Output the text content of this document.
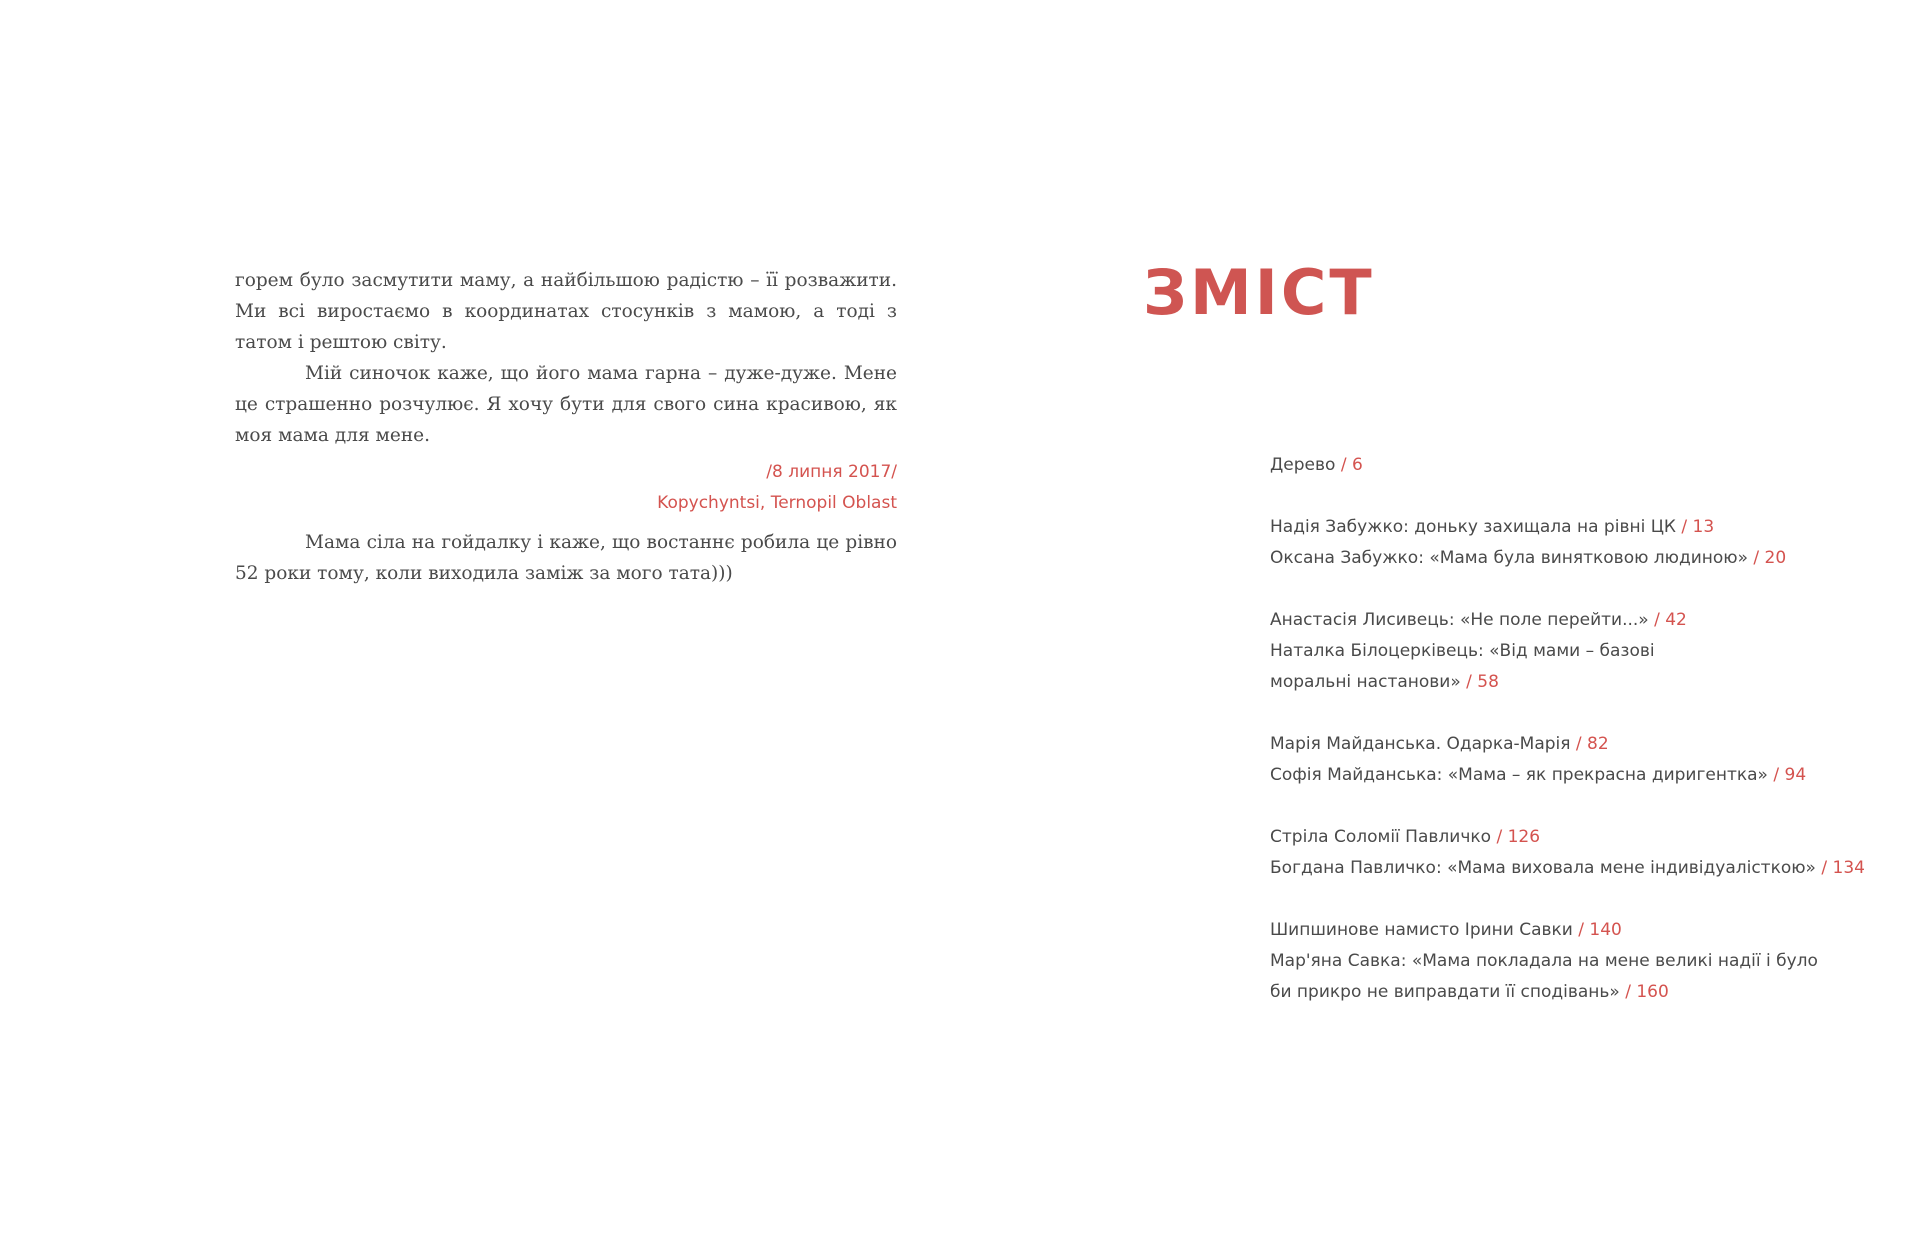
горем було засмутити маму, а найбільшою радістю – її розважити. Ми всі виростаємо в координатах стосунків з мамою, а тоді з татом і рештою світу.

Мій синочок каже, що його мама гарна – дуже-дуже. Мене це страшенно розчулює. Я хочу бути для свого сина красивою, як моя мама для мене.

/8 липня 2017/
Kopychyntsi, Ternopil Oblast

Мама сіла на гойдалку і каже, що востаннє робила це рівно 52 роки тому, коли виходила заміж за мого тата)))

ЗМІСТ
Дерево / 6
Надія Забужко: доньку захищала на рівні ЦК / 13
Оксана Забужко: «Мама була винятковою людиною» / 20
Анастасія Лисивець: «Не поле перейти...» / 42
Наталка Білоцерківець: «Від мами – базові моральні настанови» / 58
Марія Майданська. Одарка-Марія / 82
Софія Майданська: «Мама – як прекрасна диригентка» / 94
Стріла Соломії Павличко / 126
Богдана Павличко: «Мама виховала мене індивідуалісткою» / 134
Шипшинове намисто Ірини Савки / 140
Мар'яна Савка: «Мама покладала на мене великі надії і було би прикро не виправдати її сподівань» / 160
